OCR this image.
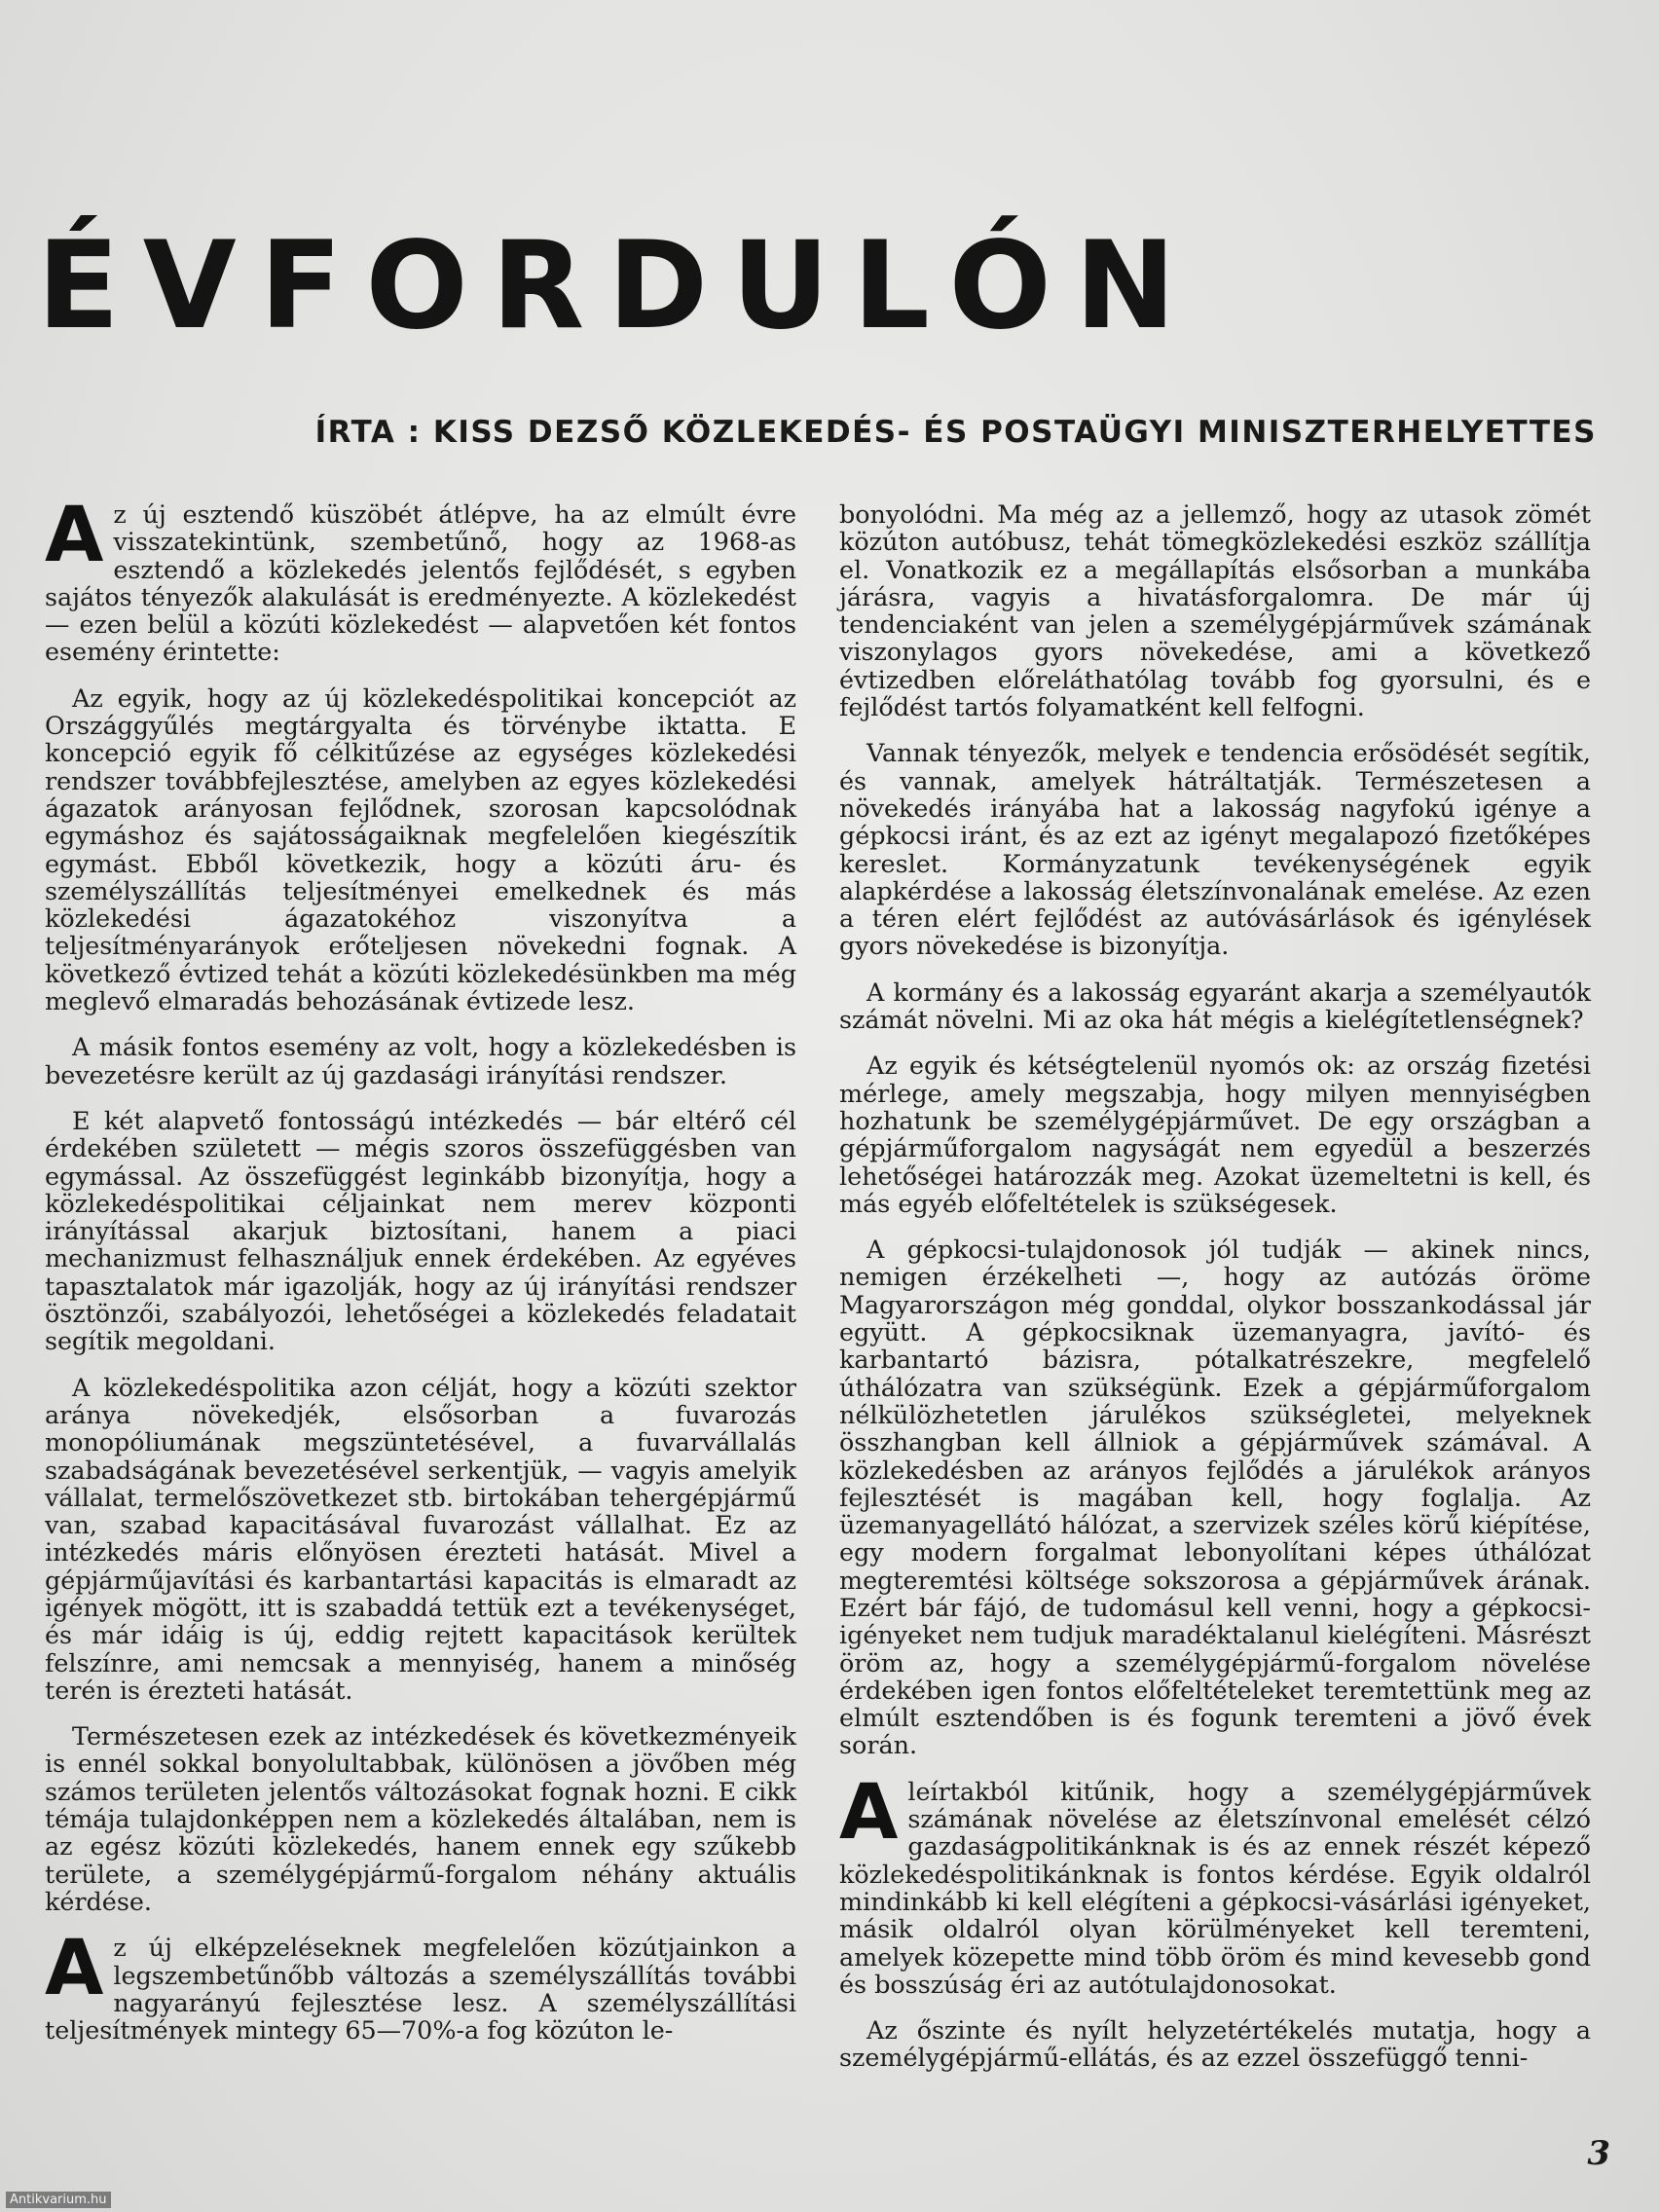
ÉVFORDULÓN
ÍRTA : KISS DEZSŐ KÖZLEKEDÉS- ÉS POSTAÜGYI MINISZTERHELYETTES

Az új esztendő küszöbét átlépve, ha az elmúlt évre visszatekintünk, szembetűnő, hogy az 1968-as esztendő a közlekedés jelentős fejlődését, s egyben sajátos tényezők alakulását is eredményezte. A közlekedést — ezen belül a közúti közlekedést — alapvetően két fontos esemény érintette:

Az egyik, hogy az új közlekedéspolitikai koncepciót az Országgyűlés megtárgyalta és törvénybe iktatta. E koncepció egyik fő célkitűzése az egységes közlekedési rendszer továbbfejlesztése, amelyben az egyes közlekedési ágazatok arányosan fejlődnek, szorosan kapcsolódnak egymáshoz és sajátosságaiknak megfelelően kiegészítik egymást. Ebből következik, hogy a közúti áru- és személyszállítás teljesítményei emelkednek és más közlekedési ágazatokéhoz viszonyítva a teljesítményarányok erőteljesen növekedni fognak. A következő évtized tehát a közúti közlekedésünkben ma még meglevő elmaradás behozásának évtizede lesz.

A másik fontos esemény az volt, hogy a közlekedésben is bevezetésre került az új gazdasági irányítási rendszer.

E két alapvető fontosságú intézkedés — bár eltérő cél érdekében született — mégis szoros összefüggésben van egymással. Az összefüggést leginkább bizonyítja, hogy a közlekedéspolitikai céljainkat nem merev központi irányítással akarjuk biztosítani, hanem a piaci mechanizmust felhasználjuk ennek érdekében. Az egyéves tapasztalatok már igazolják, hogy az új irányítási rendszer ösztönzői, szabályozói, lehetőségei a közlekedés feladatait segítik megoldani.

A közlekedéspolitika azon célját, hogy a közúti szektor aránya növekedjék, elsősorban a fuvarozás monopóliumának megszüntetésével, a fuvarvállalás szabadságának bevezetésével serkentjük, — vagyis amelyik vállalat, termelőszövetkezet stb. birtokában tehergépjármű van, szabad kapacitásával fuvarozást vállalhat. Ez az intézkedés máris előnyösen érezteti hatását. Mivel a gépjárműjavítási és karbantartási kapacitás is elmaradt az igények mögött, itt is szabaddá tettük ezt a tevékenységet, és már idáig is új, eddig rejtett kapacitások kerültek felszínre, ami nemcsak a mennyiség, hanem a minőség terén is érezteti hatását.

Természetesen ezek az intézkedések és következményeik is ennél sokkal bonyolultabbak, különösen a jövőben még számos területen jelentős változásokat fognak hozni. E cikk témája tulajdonképpen nem a közlekedés általában, nem is az egész közúti közlekedés, hanem ennek egy szűkebb területe, a személygépjármű-forgalom néhány aktuális kérdése.

Az új elképzeléseknek megfelelően közútjainkon a legszembetűnőbb változás a személyszállítás további nagyarányú fejlesztése lesz. A személyszállítási teljesítmények mintegy 65—70%-a fog közúton le-

bonyolódni. Ma még az a jellemző, hogy az utasok zömét közúton autóbusz, tehát tömegközlekedési eszköz szállítja el. Vonatkozik ez a megállapítás elsősorban a munkába járásra, vagyis a hivatásforgalomra. De már új tendenciaként van jelen a személygépjárművek számának viszonylagos gyors növekedése, ami a következő évtizedben előreláthatólag tovább fog gyorsulni, és e fejlődést tartós folyamatként kell felfogni.

Vannak tényezők, melyek e tendencia erősödését segítik, és vannak, amelyek hátráltatják. Természetesen a növekedés irányába hat a lakosság nagyfokú igénye a gépkocsi iránt, és az ezt az igényt megalapozó fizetőképes kereslet. Kormányzatunk tevékenységének egyik alapkérdése a lakosság életszínvonalának emelése. Az ezen a téren elért fejlődést az autóvásárlások és igénylések gyors növekedése is bizonyítja.

A kormány és a lakosság egyaránt akarja a személyautók számát növelni. Mi az oka hát mégis a kielégítetlenségnek?

Az egyik és kétségtelenül nyomós ok: az ország fizetési mérlege, amely megszabja, hogy milyen mennyiségben hozhatunk be személygépjárművet. De egy országban a gépjárműforgalom nagyságát nem egyedül a beszerzés lehetőségei határozzák meg. Azokat üzemeltetni is kell, és más egyéb előfeltételek is szükségesek.

A gépkocsi-tulajdonosok jól tudják — akinek nincs, nemigen érzékelheti —, hogy az autózás öröme Magyarországon még gonddal, olykor bosszankodással jár együtt. A gépkocsiknak üzemanyagra, javító- és karbantartó bázisra, pótalkatrészekre, megfelelő úthálózatra van szükségünk. Ezek a gépjárműforgalom nélkülözhetetlen járulékos szükségletei, melyeknek összhangban kell állniok a gépjárművek számával. A közlekedésben az arányos fejlődés a járulékok arányos fejlesztését is magában kell, hogy foglalja. Az üzemanyagellátó hálózat, a szervizek széles körű kiépítése, egy modern forgalmat lebonyolítani képes úthálózat megteremtési költsége sokszorosa a gépjárművek árának. Ezért bár fájó, de tudomásul kell venni, hogy a gépkocsi-igényeket nem tudjuk maradéktalanul kielégíteni. Másrészt öröm az, hogy a személygépjármű-forgalom növelése érdekében igen fontos előfeltételeket teremtettünk meg az elmúlt esztendőben is és fogunk teremteni a jövő évek során.

Aleírtakból kitűnik, hogy a személygépjárművek számának növelése az életszínvonal emelését célzó gazdaságpolitikánknak is és az ennek részét képező közlekedéspolitikánknak is fontos kérdése. Egyik oldalról mindinkább ki kell elégíteni a gépkocsi-vásárlási igényeket, másik oldalról olyan körülményeket kell teremteni, amelyek közepette mind több öröm és mind kevesebb gond és bosszúság éri az autótulajdonosokat.

Az őszinte és nyílt helyzetértékelés mutatja, hogy a személygépjármű-ellátás, és az ezzel összefüggő tenni-

3
Antikvarium.hu
